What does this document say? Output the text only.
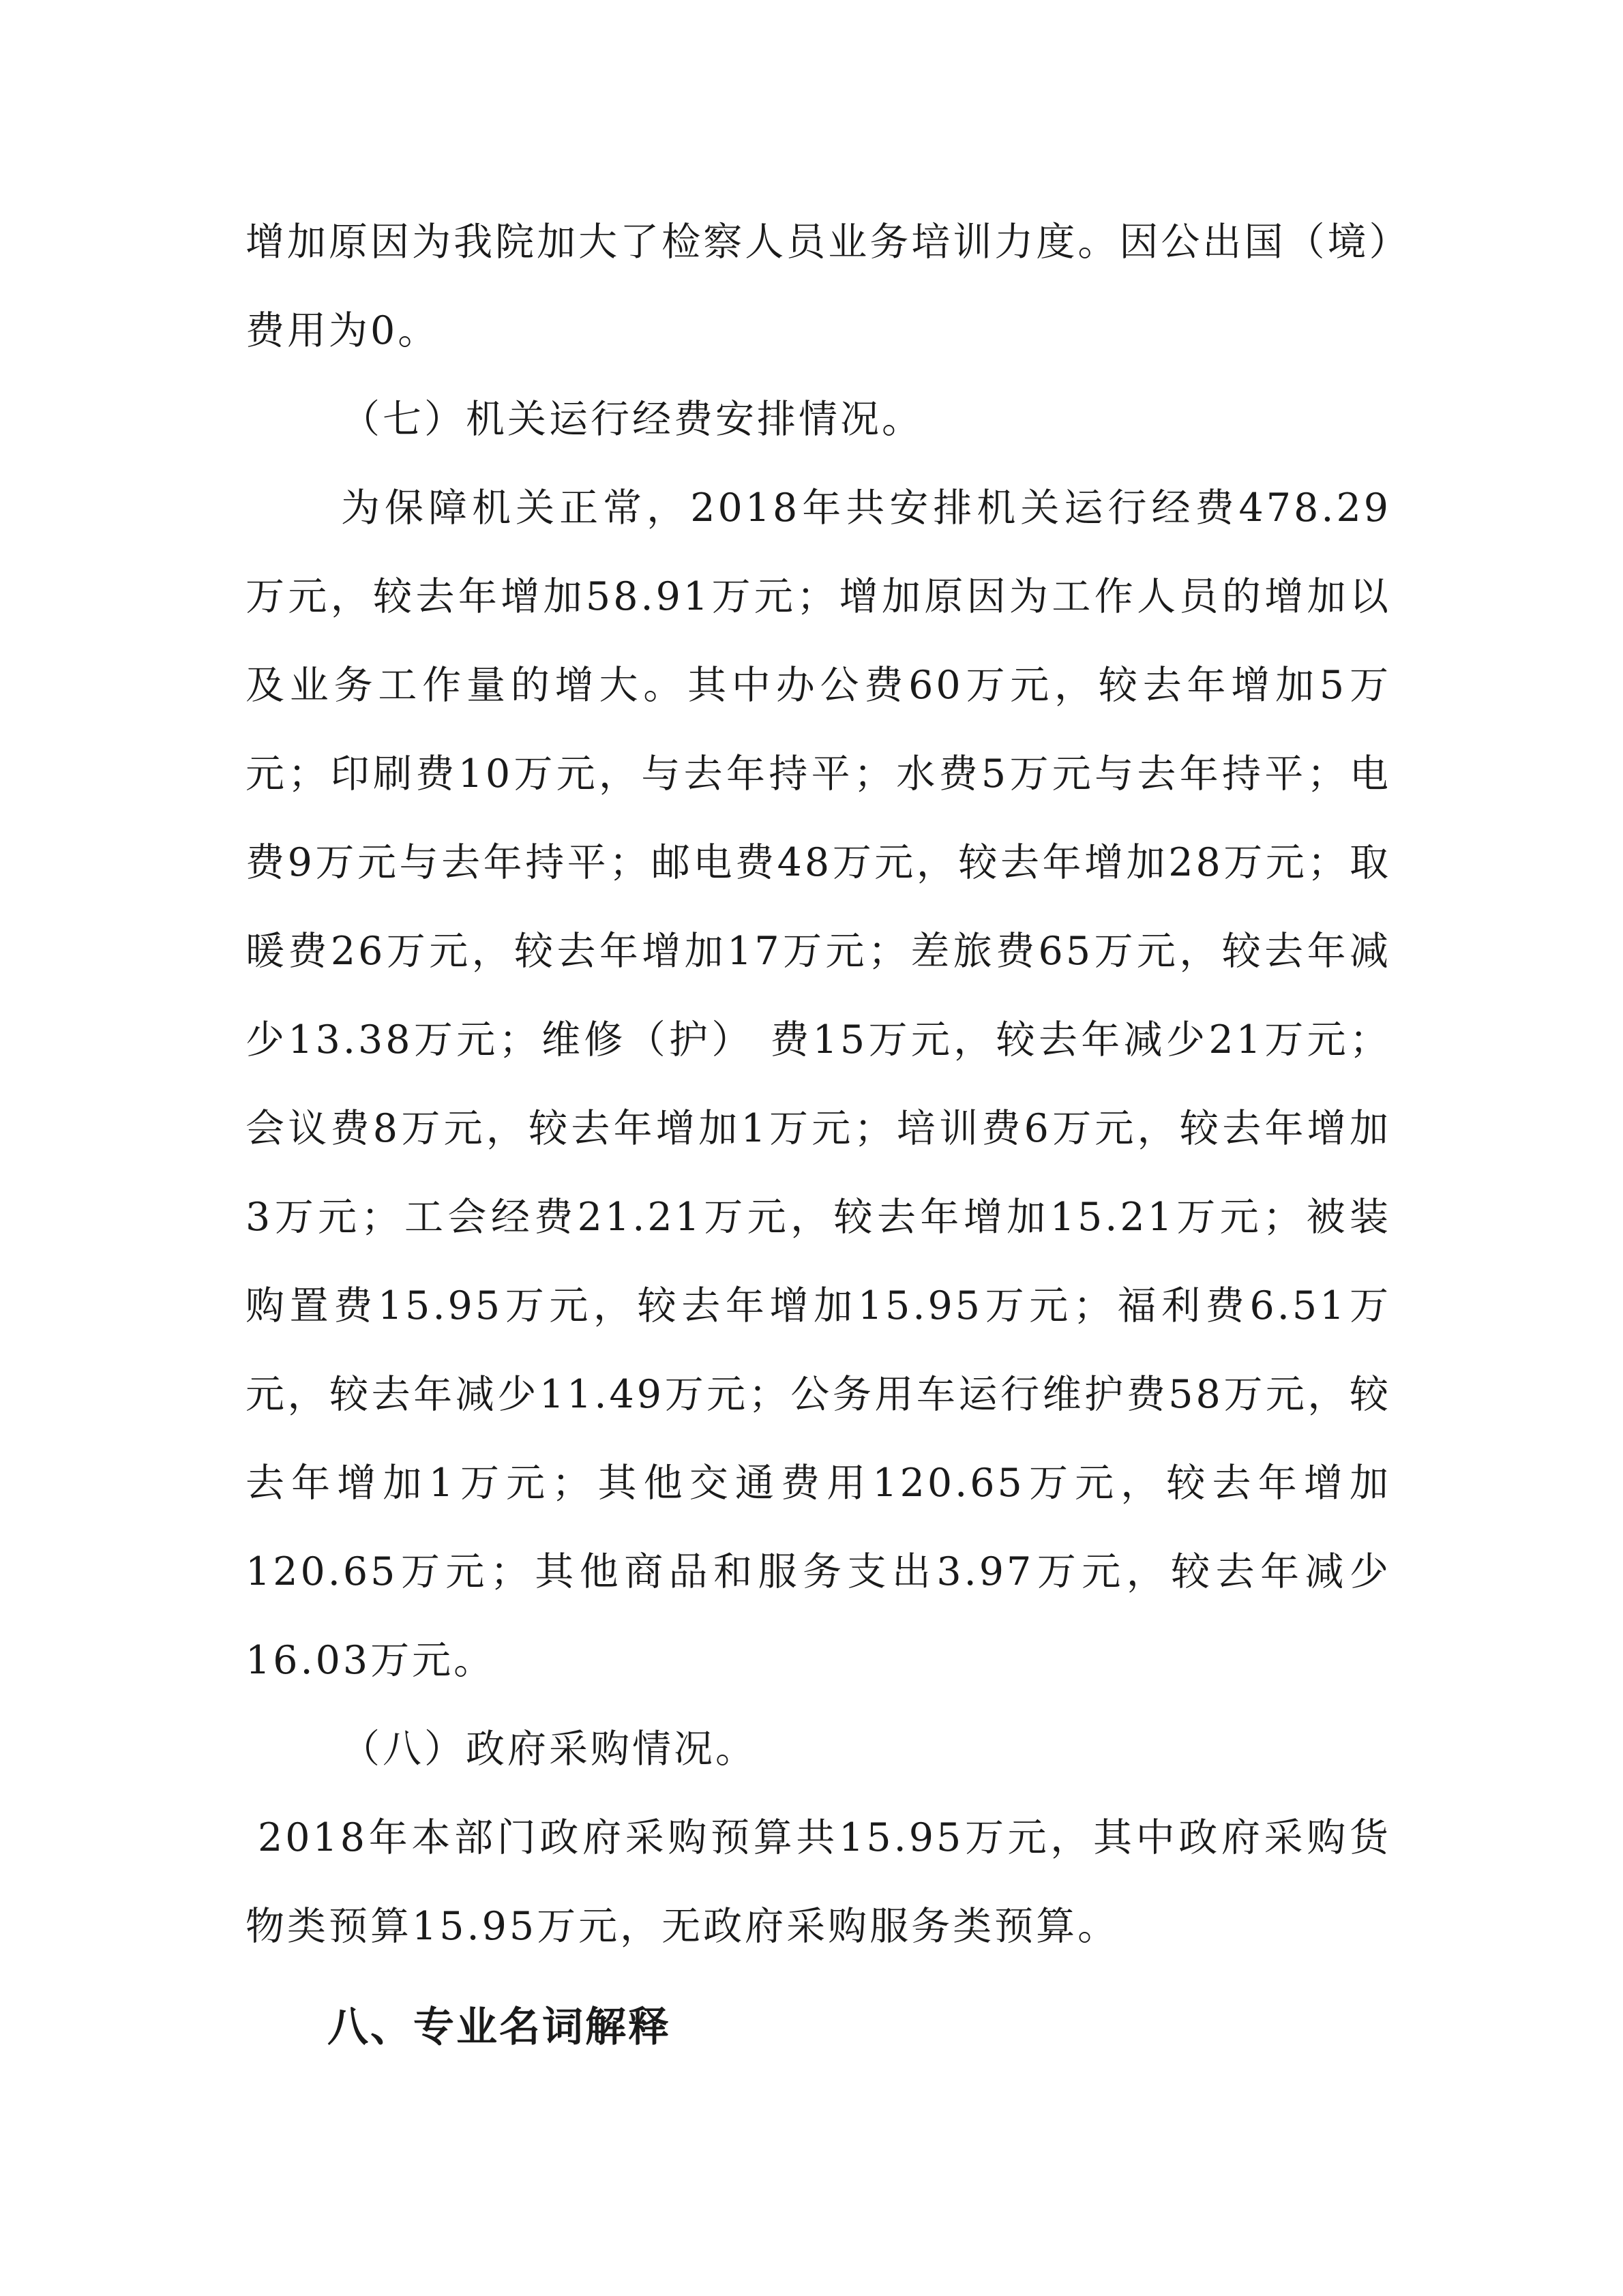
增加原因为我院加大了检察人员业务培训力度。因公出国（境）费用为0。

（七）机关运行经费安排情况。

为保障机关正常，2018年共安排机关运行经费478.29万元，较去年增加58.91万元；增加原因为工作人员的增加以及业务工作量的增大。其中办公费60万元，较去年增加5万元；印刷费10万元，与去年持平；水费5万元与去年持平；电费9万元与去年持平；邮电费48万元，较去年增加28万元；取暖费26万元，较去年增加17万元；差旅费65万元，较去年减少13.38万元；维修（护） 费15万元，较去年减少21万元；会议费8万元，较去年增加1万元；培训费6万元，较去年增加3万元；工会经费21.21万元，较去年增加15.21万元；被装购置费15.95万元，较去年增加15.95万元；福利费6.51万元，较去年减少11.49万元；公务用车运行维护费58万元，较去年增加1万元；其他交通费用120.65万元，较去年增加120.65万元；其他商品和服务支出3.97万元，较去年减少16.03万元。

（八）政府采购情况。

2018年本部门政府采购预算共15.95万元，其中政府采购货物类预算15.95万元，无政府采购服务类预算。

八、专业名词解释
